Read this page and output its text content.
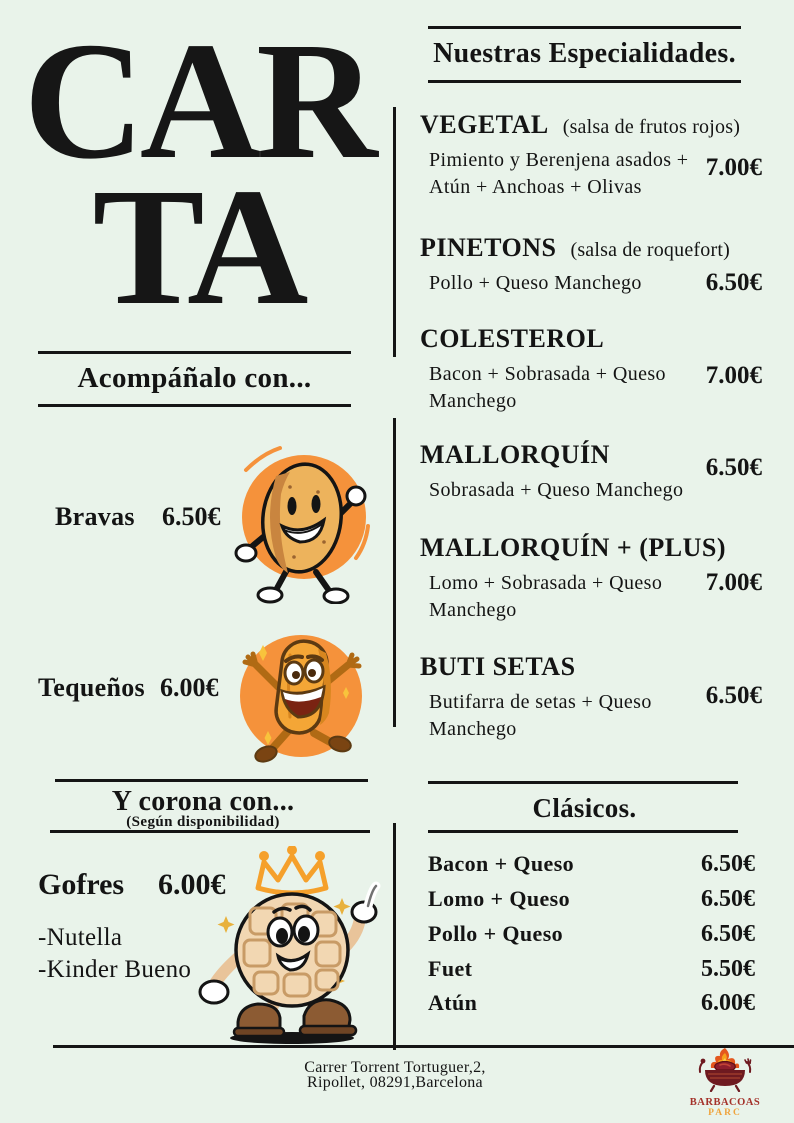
CAR
TA
Acompáñalo con...
Bravas 6.50€
Tequeños 6.00€
Y corona con...
(Según disponibilidad)
Gofres 6.00€
-Nutella
-Kinder Bueno
Nuestras Especialidades.
VEGETAL (salsa de frutos rojos)
Pimiento y Berenjena asados + Atún + Anchoas + Olivas
7.00€
PINETONS (salsa de roquefort)
Pollo + Queso Manchego	6.50€
COLESTEROL
Bacon + Sobrasada + Queso Manchego
7.00€
MALLORQUÍN
Sobrasada + Queso Manchego
6.50€
MALLORQUÍN + (PLUS)
Lomo + Sobrasada + Queso Manchego
7.00€
BUTI SETAS
Butifarra de setas + Queso Manchego
6.50€
Clásicos.
Bacon + Queso	6.50€
Lomo + Queso	6.50€
Pollo + Queso	6.50€
Fuet	5.50€
Atún	6.00€
Carrer Torrent Tortuguer,2,
Ripollet, 08291,Barcelona
BARBACOAS
PARC
